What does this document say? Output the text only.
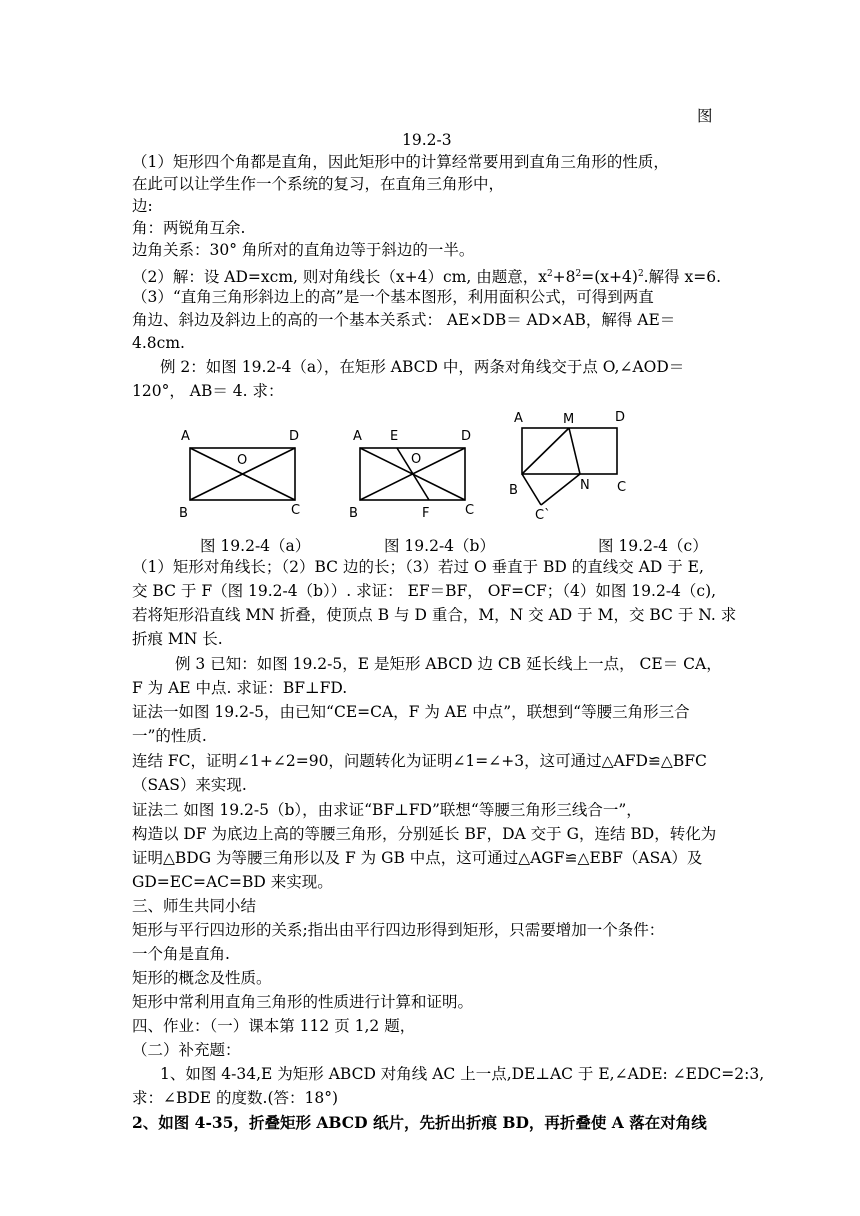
图
19.2-3
（1）矩形四个角都是直角，因此矩形中的计算经常要用到直角三角形的性质，
在此可以让学生作一个系统的复习，在直角三角形中，
边:
角：两锐角互余.
边角关系：30° 角所对的直角边等于斜边的一半。
（2）解：设 AD=xcm, 则对角线长（x+4）cm, 由题意，$x^2+8^2=(x+4)^2$.解得 x=6.
（3）“直角三角形斜边上的高”是一个基本图形，利用面积公式，可得到两直
角边、斜边及斜边上的高的一个基本关系式： AE×DB＝ AD×AB，解得 AE＝
4.8cm.
例 2：如图 19.2-4（a），在矩形 ABCD 中，两条对角线交于点 O,∠AOD＝
120°， AB＝ 4. 求：
A	D
O
B	C
图 19.2-4（a）
A E	D
O
B	F	C
图 19.2-4（b）
A	M	D
B	N C
C`
图 19.2-4（c）
（1）矩形对角线长；（2）BC 边的长；（3）若过 O 垂直于 BD 的直线交 AD 于 E,
交 BC 于 F（图 19.2-4（b））. 求证： EF＝BF， OF=CF；（4）如图 19.2-4（c),
若将矩形沿直线 MN 折叠，使顶点 B 与 D 重合，M，N 交 AD 于 M，交 BC 于 N. 求
折痕 MN 长.
例 3 已知：如图 19.2-5，E 是矩形 ABCD 边 CB 延长线上一点， CE＝ CA，
F 为 AE 中点. 求证：BF⊥FD.
证法一如图 19.2-5，由已知“CE=CA，F 为 AE 中点”，联想到“等腰三角形三合
一”的性质.
连结 FC，证明∠1+∠2=90，问题转化为证明∠1=∠+3，这可通过△AFD≌△BFC
（SAS）来实现.
证法二 如图 19.2-5（b），由求证“BF⊥FD”联想“等腰三角形三线合一”，
构造以 DF 为底边上高的等腰三角形，分别延长 BF，DA 交于 G，连结 BD，转化为
证明△BDG 为等腰三角形以及 F 为 GB 中点，这可通过△AGF≌△EBF（ASA）及
GD=EC=AC=BD 来实现。
三、师生共同小结
矩形与平行四边形的关系;指出由平行四边形得到矩形，只需要增加一个条件：
一个角是直角.
矩形的概念及性质。
矩形中常利用直角三角形的性质进行计算和证明。
四、作业：（一）课本第 112 页 1,2 题，
（二）补充题：
1、如图 4-34,E 为矩形 ABCD 对角线 AC 上一点,DE⊥AC 于 E,∠ADE: ∠EDC=2:3,
求：∠BDE 的度数.(答：18°)
2、如图 4-35，折叠矩形 ABCD 纸片，先折出折痕 BD，再折叠使 A 落在对角线
